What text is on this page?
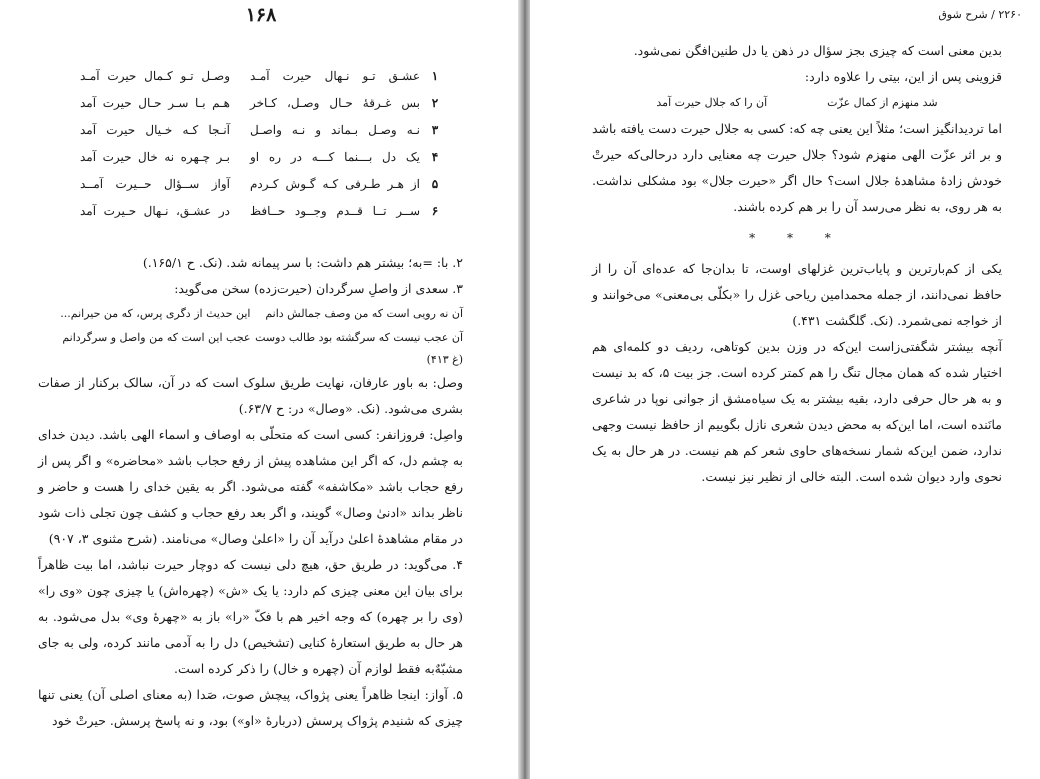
۱۶۸
۱
عشـق تـو نـهال حیرت آمـد
وصـل تـو کـمال حیرت آمـد
۲
بس غـرقهٔ حـال وصـل، کـاخر
هـم بـا سـر حـال حیرت آمد
۳
نـه وصـل بـماند و نـه واصـل
آنـجا کـه خـیال حیرت آمد
۴
یک دل بـــنما کـــه در ره او
بـر چـهره نه خال حیرت آمد
۵
از هـر طـرفی کـه گـوش کـردم
آواز ســؤال حــیرت آمــد
۶
ســر تــا قــدم وجــود حــافظ
در عشـق، نـهال حـیرت آمد

۲. با: =به؛ بیشتر هم داشت: با سر پیمانه شد. (نک. ح ۱۶۵/۱.)

۳. سعدی از واصلِ سرگردان (حیرت‌زده) سخن می‌گوید:

آن نه رویی است که من وصف جمالش دانم
این حدیث از دگری پرس، که من حیرانم...
آن عجب نیست که سرگشته بود طالب دوست
عجب این است که من واصل و سرگردانم
(غ ۴۱۳)

وصل: به باور عارفان، نهایت طریق سلوک است که در آن، سالک برکنار از صفات بشری می‌شود. (نک. «وصال» در: ح ۶۳/۷.)

واصِل: فروزانفر: کسی است که متحلّی به اوصاف و اسماء الهی باشد. دیدن خدای به چشم دل، که اگر این مشاهده پیش از رفع حجاب باشد «محاضره» و اگر پس از رفع حجاب باشد «مکاشفه» گفته می‌شود. اگر به یقین خدای را هست و حاضر و ناظر بداند «ادنیٰ وصال» گویند، و اگر بعد رفع حجاب و کشف چون تجلی ذات شود در مقام مشاهدهٔ اعلیٰ درآید آن را «اعلیٰ وصال» می‌نامند. (شرح مثنوی ۳، ۹۰۷)

۴. می‌گوید: در طریق حق، هیچ دلی نیست که دوچار حیرت نباشد، اما بیت ظاهراً برای بیان این معنی چیزی کم دارد: یا یک «ش» (چهره‌اش) یا چیزی چون «وی را» (وی را بر چهره) که وجه اخیر هم با فکّ «را» باز به «چهرهٔ وی» بدل می‌شود. به هر حال به طریق استعارهٔ کنایی (تشخیص) دل را به آدمی مانند کرده، ولی به جای مشبّهٌ‌به فقط لوازم آن (چهره و خال) را ذکر کرده است.

۵. آواز: اینجا ظاهراً یعنی پژواک، پیچش صوت، صَدا (به معنای اصلی آن) یعنی تنها چیزی که شنیدم پژواک پرسش (دربارهٔ «او») بود، و نه پاسخ پرسش. حیرتْ خود

۲۲۶۰ / شرح شوق

بدین معنی است که چیزی بجز سؤال در ذهن یا دل طنین‌افگن نمی‌شود.

قزوینی پس از این، بیتی را علاوه دارد:

شد منهزم از کمال عزّت
آن را که جلال حیرت آمد

اما تردیدانگیز است؛ مثلاً این یعنی چه که: کسی به جلال حیرت دست یافته باشد و بر اثر عزّت الهی منهزم شود؟ جلال حیرت چه معنایی دارد درحالی‌که حیرتْ خودش زادهٔ مشاهدهٔ جلال است؟ حال اگر «حیرت جلال» بود مشکلی نداشت. به هر روی، به نظر می‌رسد آن را بر هم کرده باشند.

* * *

یکی از کم‌بارترین و پایاب‌ترین غزلهای اوست، تا بدان‌جا که عده‌ای آن را از حافظ نمی‌دانند، از جمله محمدامین ریاحی غزل را «بکلّی بی‌معنی» می‌خوانند و از خواجه نمی‌شمرد. (نک. گلگشت ۴۳۱.)

آنچه بیشتر شگفتی‌زاست این‌که در وزن بدین کوتاهی، ردیف دو کلمه‌ای هم اختیار شده که همان مجال تنگ را هم کمتر کرده است. جز بیت ۵، که بد نیست و به هر حال حرفی دارد، بقیه بیشتر به یک سیاه‌مشق از جوانی نوپا در شاعری مانَنده است، اما این‌که به محض دیدن شعری نازل بگوییم از حافظ نیست وجهی ندارد، ضمن این‌که شمار نسخه‌های حاوی شعر کم هم نیست. در هر حال به یک نحوی وارد دیوان شده است. البته خالی از نظیر نیز نیست.
